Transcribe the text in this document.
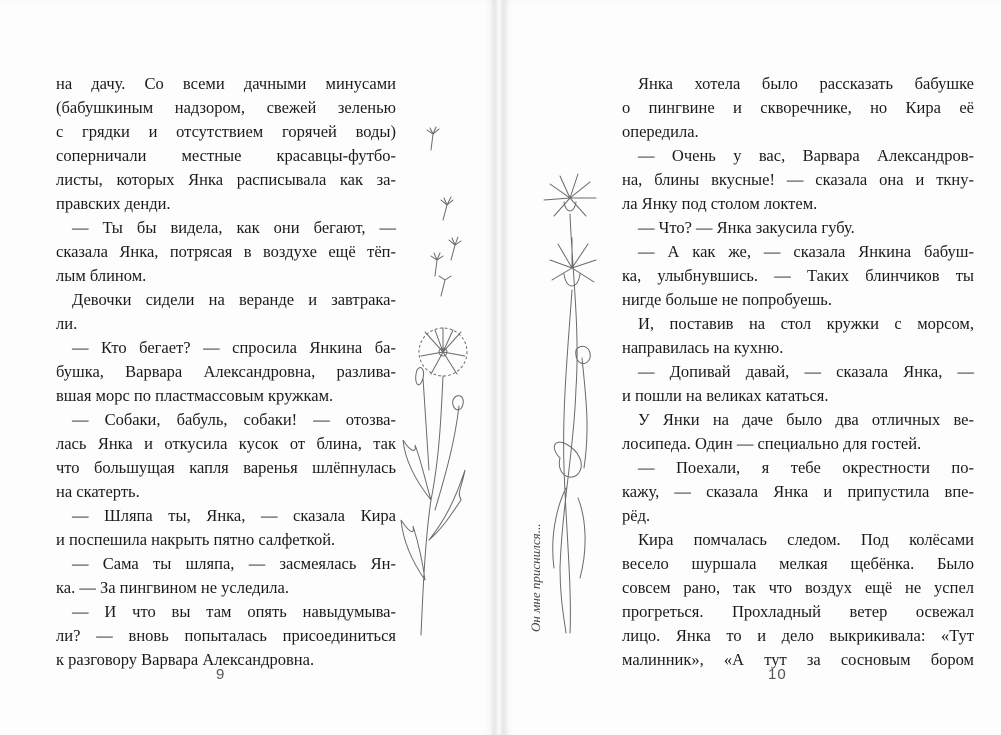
на дачу. Со всеми дачными минусами
(бабушкиным надзором, свежей зеленью
с грядки и отсутствием горячей воды)
соперничали местные красавцы-футбо-
листы, которых Янка расписывала как за-
правских денди.
— Ты бы видела, как они бегают, —
сказала Янка, потрясая в воздухе ещё тёп-
лым блином.
Девочки сидели на веранде и завтрака-
ли.
— Кто бегает? — спросила Янкина ба-
бушка, Варвара Александровна, разлива-
вшая морс по пластмассовым кружкам.
— Собаки, бабуль, собаки! — отозва-
лась Янка и откусила кусок от блина, так
что большущая капля варенья шлёпнулась
на скатерть.
— Шляпа ты, Янка, — сказала Кира
и поспешила накрыть пятно салфеткой.
— Сама ты шляпа, — засмеялась Ян-
ка. — За пингвином не уследила.
— И что вы там опять навыдумыва-
ли? — вновь попыталась присоединиться
к разговору Варвара Александровна.
Янка хотела было рассказать бабушке
о пингвине и скворечнике, но Кира её
опередила.
— Очень у вас, Варвара Александров-
на, блины вкусные! — сказала она и ткну-
ла Янку под столом локтем.
— Что? — Янка закусила губу.
— А как же, — сказала Янкина бабуш-
ка, улыбнувшись. — Таких блинчиков ты
нигде больше не попробуешь.
И, поставив на стол кружки с морсом,
направилась на кухню.
— Допивай давай, — сказала Янка, —
и пошли на великах кататься.
У Янки на даче было два отличных ве-
лосипеда. Один — специально для гостей.
— Поехали, я тебе окрестности по-
кажу, — сказала Янка и припустила впе-
рёд.
Кира помчалась следом. Под колёсами
весело шуршала мелкая щебёнка. Было
совсем рано, так что воздух ещё не успел
прогреться. Прохладный ветер освежал
лицо. Янка то и дело выкрикивала: «Тут
малинник», «А тут за сосновым бором
9	10
Он мне приснился...
